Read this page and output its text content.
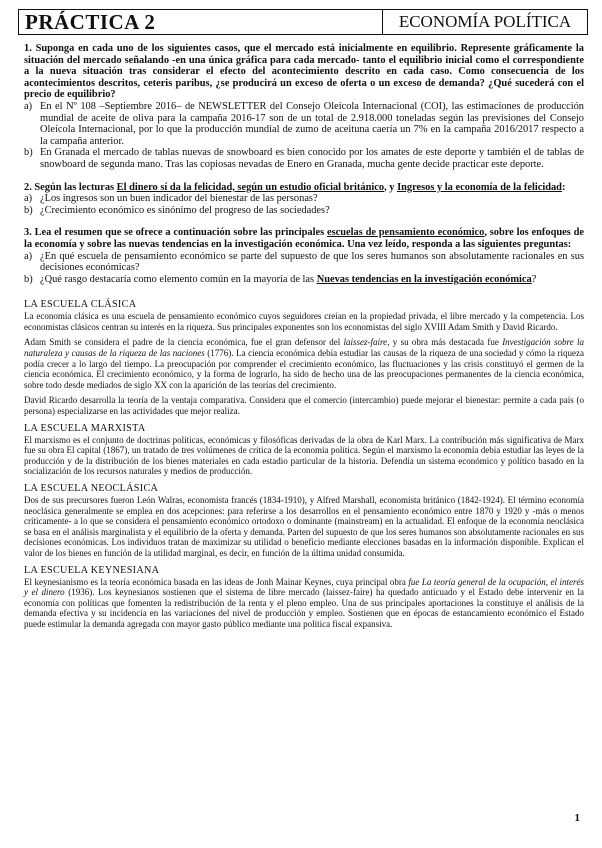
PRÁCTICA 2	ECONOMÍA POLÍTICA

1. Suponga en cada uno de los siguientes casos, que el mercado está inicialmente en equilibrio. Represente gráficamente la situación del mercado señalando -en una única gráfica para cada mercado- tanto el equilibrio inicial como el correspondiente a la nueva situación tras considerar el efecto del acontecimiento descrito en cada caso. Como consecuencia de los acontecimientos descritos, ceteris paribus, ¿se producirá un exceso de oferta o un exceso de demanda? ¿Qué sucederá con el precio de equilibrio?

a) En el Nº 108 –Septiembre 2016– de NEWSLETTER del Consejo Oleícola Internacional (COI), las estimaciones de producción mundial de aceite de oliva para la campaña 2016-17 son de un total de 2.918.000 toneladas según las previsiones del Consejo Oleícola Internacional, por lo que la producción mundial de zumo de aceituna caería un 7% en la campaña 2016/2017 respecto a la campaña anterior.
b) En Granada el mercado de tablas nuevas de snowboard es bien conocido por los amates de este deporte y también el de tablas de snowboard de segunda mano. Tras las copiosas nevadas de Enero en Granada, mucha gente decide practicar este deporte.

2. Según las lecturas El dinero sí da la felicidad, según un estudio oficial británico, y Ingresos y la economía de la felicidad:

a) ¿Los ingresos son un buen indicador del bienestar de las personas?
b) ¿Crecimiento económico es sinónimo del progreso de las sociedades?

3. Lea el resumen que se ofrece a continuación sobre las principales escuelas de pensamiento económico, sobre los enfoques de la economía y sobre las nuevas tendencias en la investigación económica. Una vez leído, responda a las siguientes preguntas:

a) ¿En qué escuela de pensamiento económico se parte del supuesto de que los seres humanos son absolutamente racionales en sus decisiones económicas?
b) ¿Qué rasgo destacaría como elemento común en la mayoría de las Nuevas tendencias en la investigación económica?

LA ESCUELA CLÁSICA

La economía clásica es una escuela de pensamiento económico cuyos seguidores creían en la propiedad privada, el libre mercado y la competencia. Los economistas clásicos centran su interés en la riqueza. Sus principales exponentes son los economistas del siglo XVIII Adam Smith y David Ricardo.

Adam Smith se considera el padre de la ciencia económica, fue el gran defensor del laissez-faire, y su obra más destacada fue Investigación sobre la naturaleza y causas de la riqueza de las naciones (1776). La ciencia económica debía estudiar las causas de la riqueza de una sociedad y cómo la riqueza podía crecer a lo largo del tiempo. La preocupación por comprender el crecimiento económico, las fluctuaciones y las crisis constituyó el germen de la ciencia económica. El crecimiento económico, y la forma de lograrlo, ha sido de hecho una de las preocupaciones permanentes de la ciencia económica, sobre todo desde mediados de siglo XX con la aparición de las teorías del crecimiento.

David Ricardo desarrolla la teoría de la ventaja comparativa. Considera que el comercio (intercambio) puede mejorar el bienestar: permite a cada país (o persona) especializarse en las actividades que mejor realiza.

LA ESCUELA MARXISTA

El marxismo es el conjunto de doctrinas políticas, económicas y filosóficas derivadas de la obra de Karl Marx. La contribución más significativa de Marx fue su obra El capital (1867), un tratado de tres volúmenes de crítica de la economía política. Según el marxismo la economía debía estudiar las leyes de la producción y de la distribución de los bienes materiales en cada estadio particular de la historia. Defendía un sistema económico y político basado en la socialización de los recursos naturales y medios de producción.

LA ESCUELA NEOCLÁSICA

Dos de sus precursores fueron León Walras, economista francés (1834-1910), y Alfred Marshall, economista británico (1842-1924). El término economía neoclásica generalmente se emplea en dos acepciones: para referirse a los desarrollos en el pensamiento económico entre 1870 y 1920 y -más o menos críticamente- a lo que se considera el pensamiento económico ortodoxo o dominante (mainstream) en la actualidad. El enfoque de la economía neoclásica se basa en el análisis marginalista y el equilibrio de la oferta y demanda. Parten del supuesto de que los seres humanos son absolutamente racionales en sus decisiones económicas. Los individuos tratan de maximizar su utilidad o beneficio mediante elecciones basadas en la información disponible. Explican el valor de los bienes en función de la utilidad marginal, es decir, en función de la última unidad consumida.

LA ESCUELA KEYNESIANA

El keynesianismo es la teoría económica basada en las ideas de Jonh Mainar Keynes, cuya principal obra fue La teoría general de la ocupación, el interés y el dinero (1936). Los keynesianos sostienen que el sistema de libre mercado (laissez-faire) ha quedado anticuado y el Estado debe intervenir en la economía con políticas que fomenten la redistribución de la renta y el pleno empleo. Una de sus principales aportaciones la constituye el análisis de la demanda efectiva y su incidencia en las variaciones del nivel de producción y empleo. Sostienen que en épocas de estancamiento económico el Estado puede estimular la demanda agregada con mayor gasto público mediante una política fiscal expansiva.

1
